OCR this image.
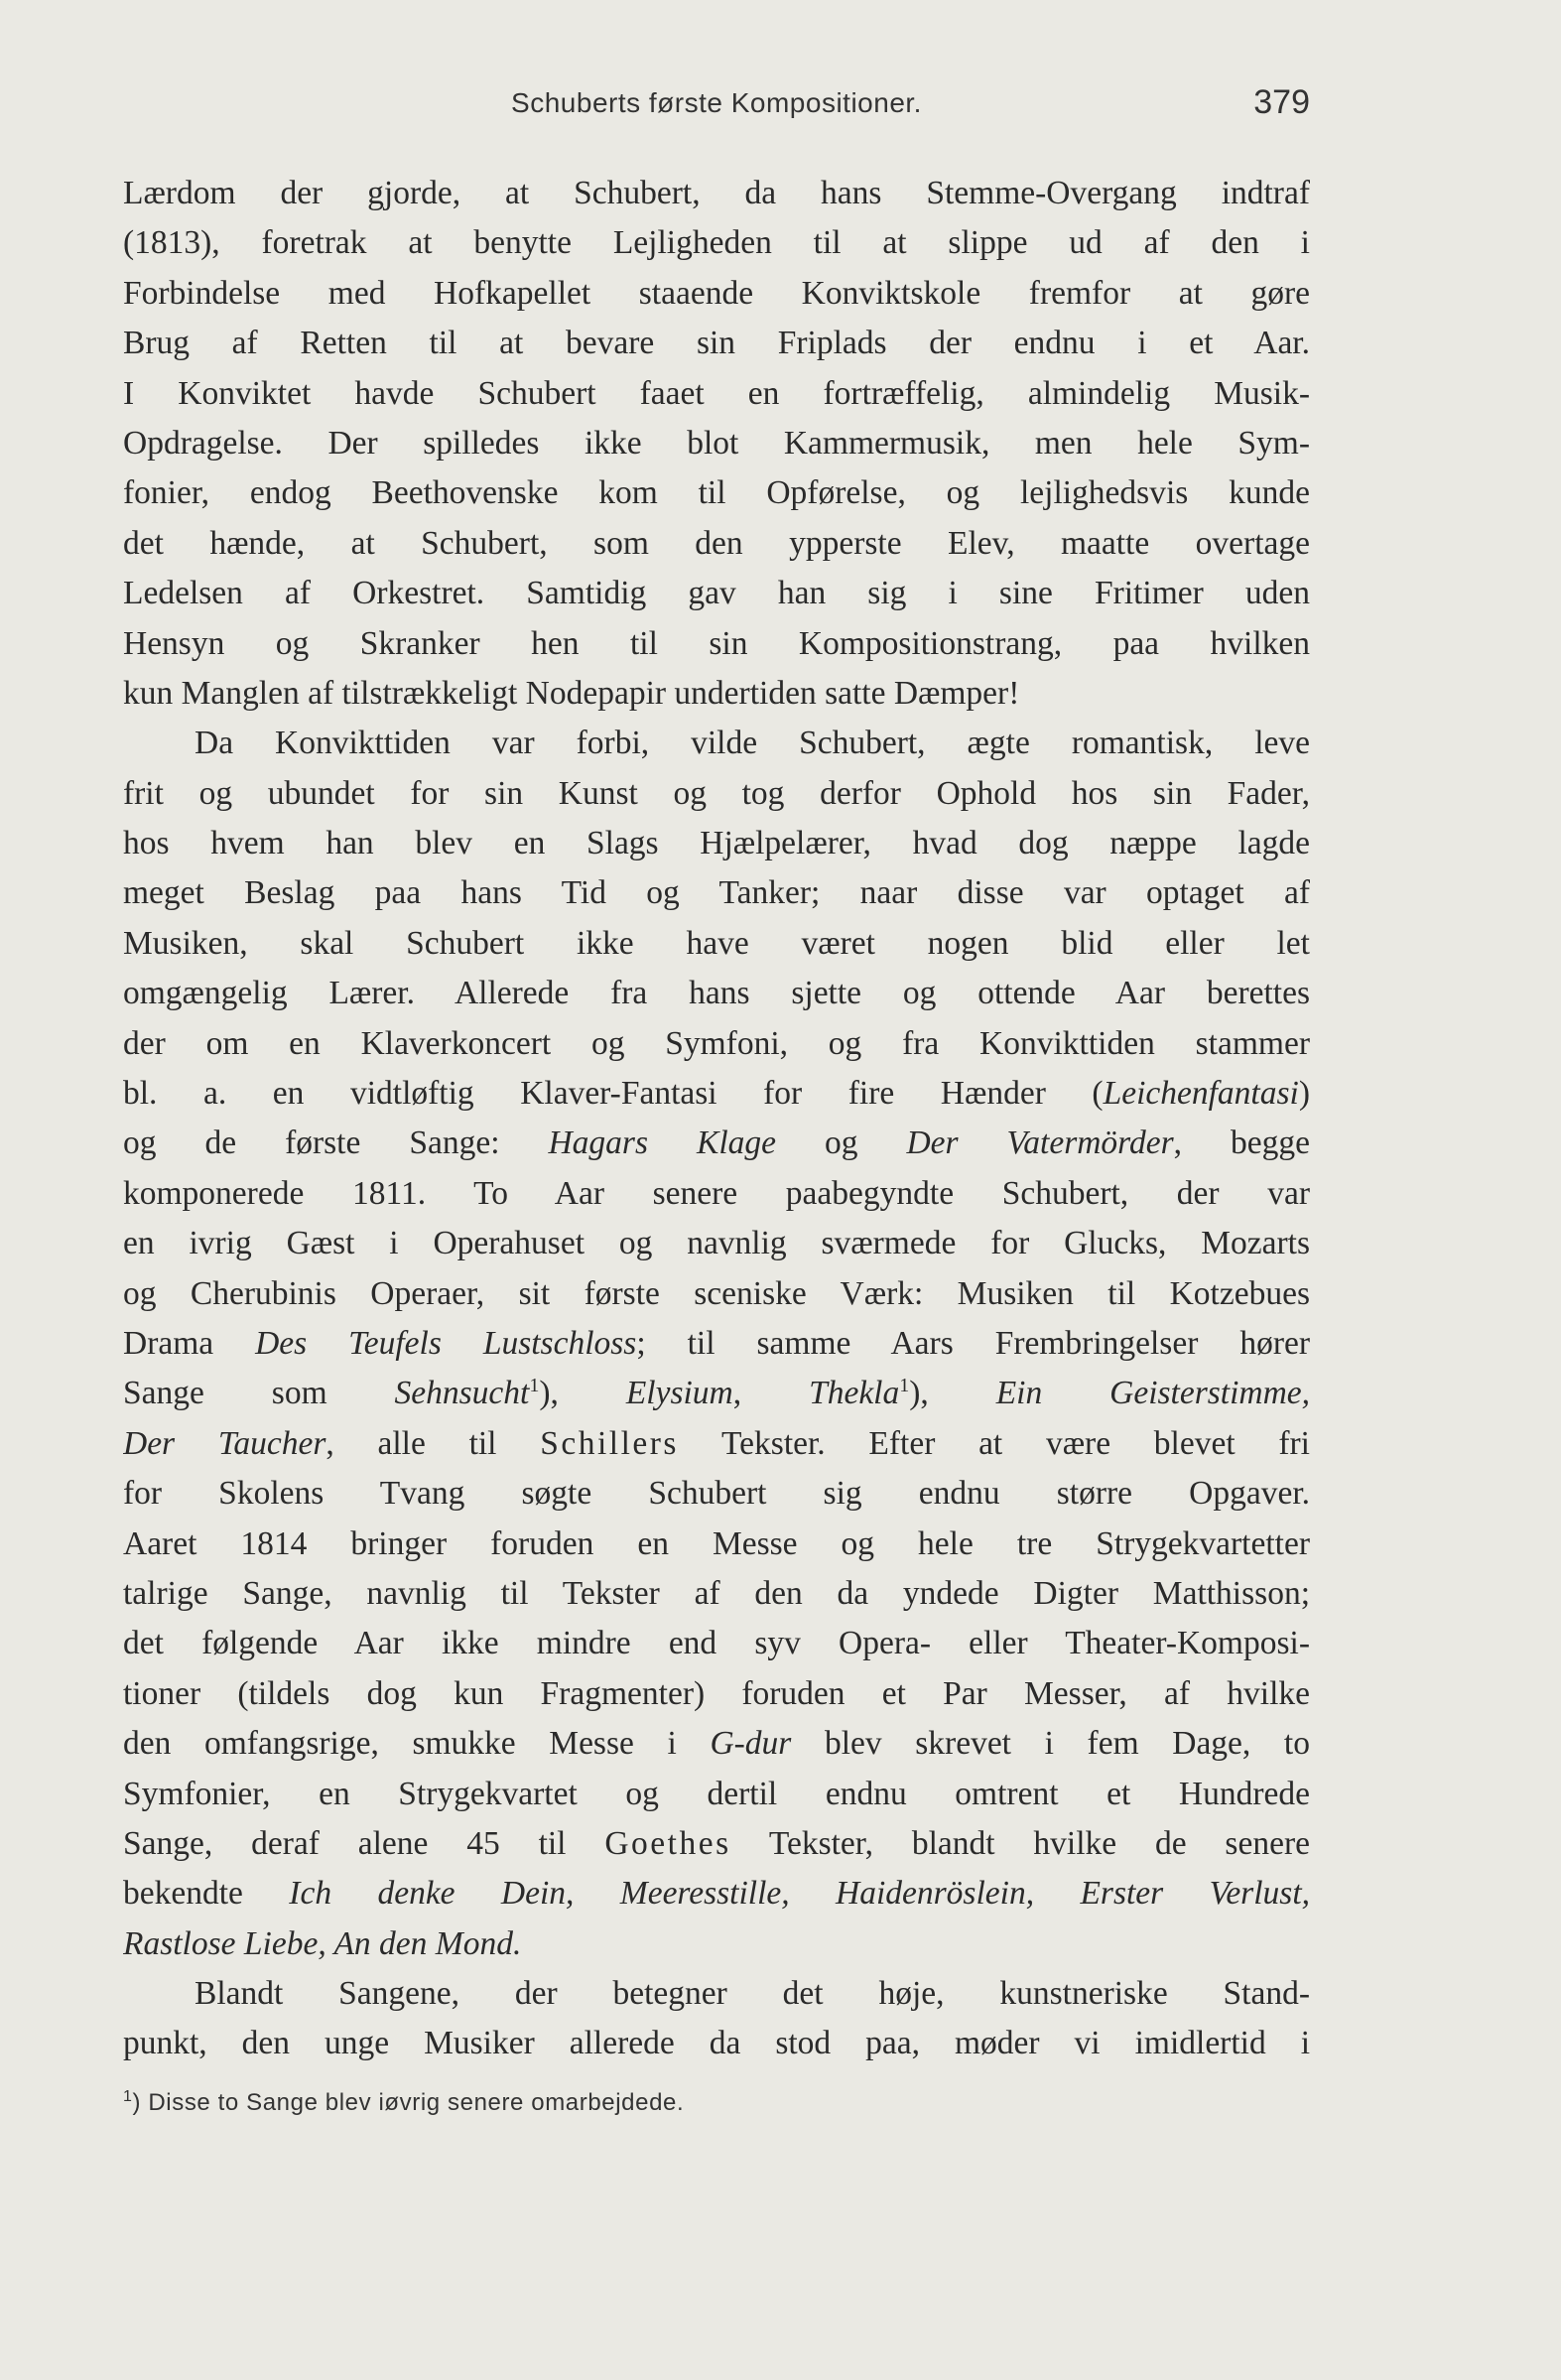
Schuberts første Kompositioner.	379
Lærdom der gjorde, at Schubert, da hans Stemme-Overgang indtraf
(1813), foretrak at benytte Lejligheden til at slippe ud af den i
Forbindelse med Hofkapellet staaende Konviktskole fremfor at gøre
Brug af Retten til at bevare sin Friplads der endnu i et Aar.
I Konviktet havde Schubert faaet en fortræffelig, almindelig Musik-
Opdragelse. Der spilledes ikke blot Kammermusik, men hele Sym-
fonier, endog Beethovenske kom til Opførelse, og lejlighedsvis kunde
det hænde, at Schubert, som den ypperste Elev, maatte overtage
Ledelsen af Orkestret. Samtidig gav han sig i sine Fritimer uden
Hensyn og Skranker hen til sin Kompositionstrang, paa hvilken
kun Manglen af tilstrækkeligt Nodepapir undertiden satte Dæmper!
Da Konvikttiden var forbi, vilde Schubert, ægte romantisk, leve
frit og ubundet for sin Kunst og tog derfor Ophold hos sin Fader,
hos hvem han blev en Slags Hjælpelærer, hvad dog næppe lagde
meget Beslag paa hans Tid og Tanker; naar disse var optaget af
Musiken, skal Schubert ikke have været nogen blid eller let
omgængelig Lærer. Allerede fra hans sjette og ottende Aar berettes
der om en Klaverkoncert og Symfoni, og fra Konvikttiden stammer
bl. a. en vidtløftig Klaver-Fantasi for fire Hænder (Leichenfantasi)
og de første Sange: Hagars Klage og Der Vatermörder, begge
komponerede 1811. To Aar senere paabegyndte Schubert, der var
en ivrig Gæst i Operahuset og navnlig sværmede for Glucks, Mozarts
og Cherubinis Operaer, sit første sceniske Værk: Musiken til Kotzebues
Drama Des Teufels Lustschloss; til samme Aars Frembringelser hører
Sange som Sehnsucht$^1$), Elysium, Thekla$^1$), Ein Geisterstimme,
Der Taucher, alle til Schillers Tekster. Efter at være blevet fri
for Skolens Tvang søgte Schubert sig endnu større Opgaver.
Aaret 1814 bringer foruden en Messe og hele tre Strygekvartetter
talrige Sange, navnlig til Tekster af den da yndede Digter Matthisson;
det følgende Aar ikke mindre end syv Opera- eller Theater-Komposi-
tioner (tildels dog kun Fragmenter) foruden et Par Messer, af hvilke
den omfangsrige, smukke Messe i G-dur blev skrevet i fem Dage, to
Symfonier, en Strygekvartet og dertil endnu omtrent et Hundrede
Sange, deraf alene 45 til Goethes Tekster, blandt hvilke de senere
bekendte Ich denke Dein, Meeresstille, Haidenröslein, Erster Verlust,
Rastlose Liebe, An den Mond.
Blandt Sangene, der betegner det høje, kunstneriske Stand-
punkt, den unge Musiker allerede da stod paa, møder vi imidlertid i
$^1$) Disse to Sange blev iøvrig senere omarbejdede.
